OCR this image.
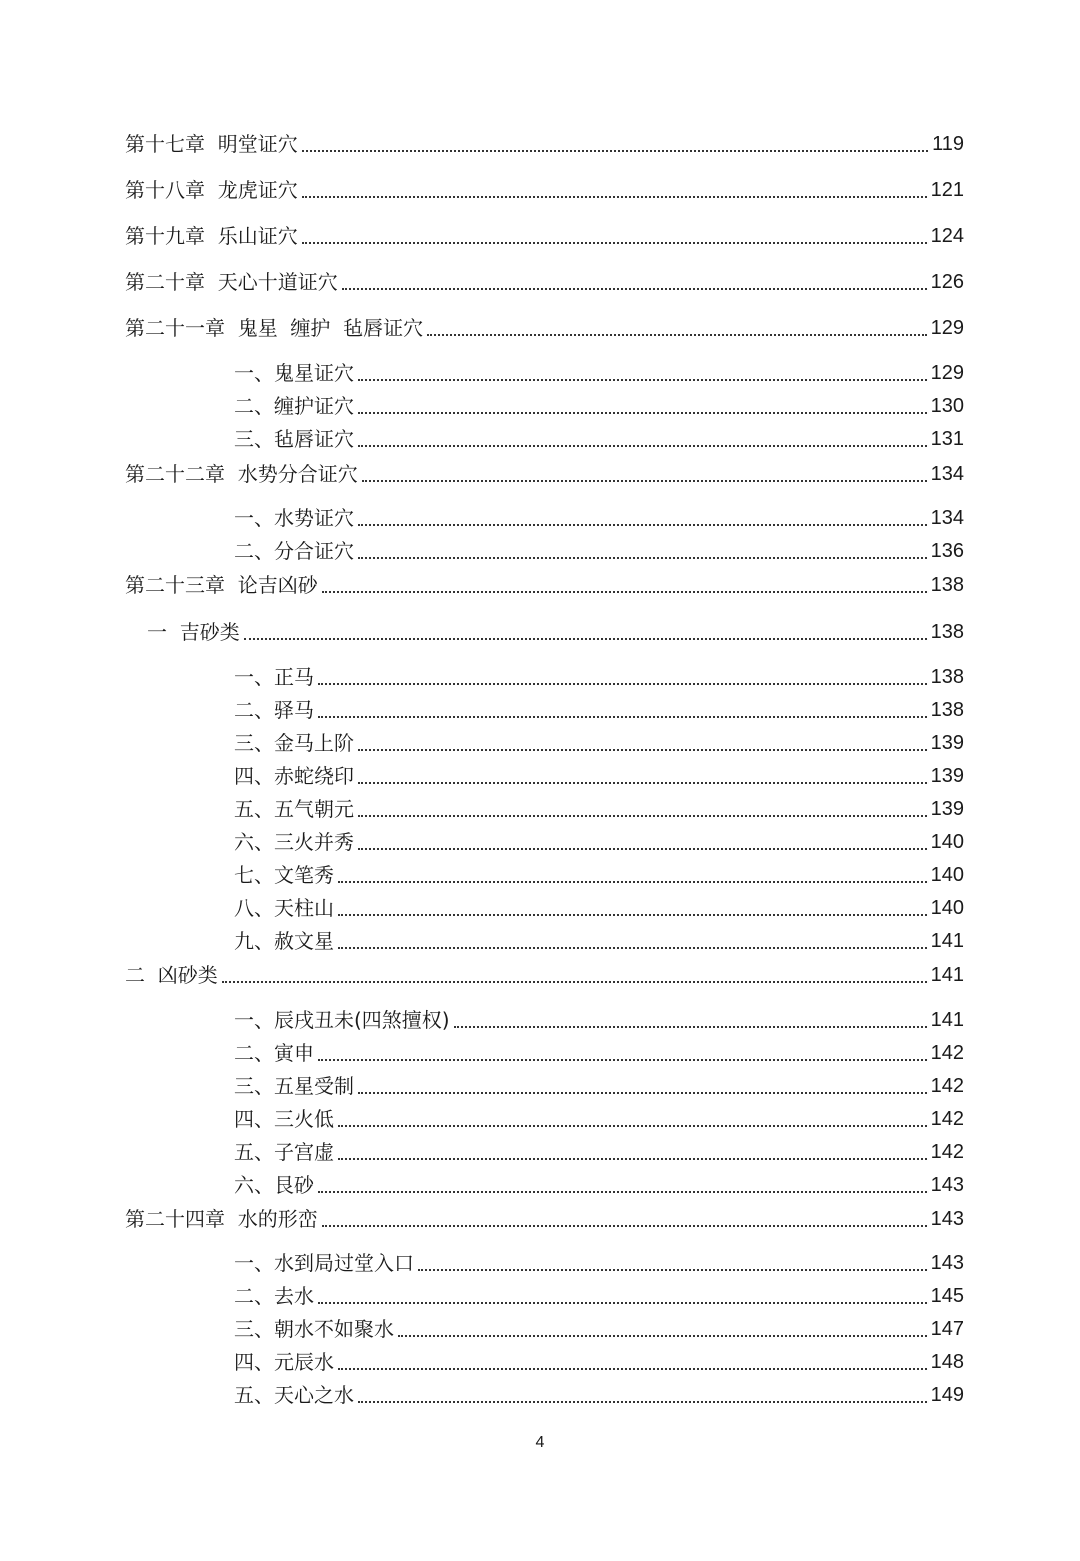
第十七章  明堂证穴	119
第十八章  龙虎证穴	121
第十九章  乐山证穴	124
第二十章  天心十道证穴	126
第二十一章  鬼星  缠护  毡唇证穴	129
一、鬼星证穴	129
二、缠护证穴	130
三、毡唇证穴	131
第二十二章  水势分合证穴	134
一、水势证穴	134
二、分合证穴	136
第二十三章  论吉凶砂	138
一  吉砂类	138
一、正马	138
二、驿马	138
三、金马上阶	139
四、赤蛇绕印	139
五、五气朝元	139
六、三火并秀	140
七、文笔秀	140
八、天柱山	140
九、赦文星	141
二  凶砂类	141
一、辰戌丑未(四煞擅权)	141
二、寅申	142
三、五星受制	142
四、三火低	142
五、子宫虚	142
六、艮砂	143
第二十四章  水的形峦	143
一、水到局过堂入口	143
二、去水	145
三、朝水不如聚水	147
四、元辰水	148
五、天心之水	149
4
